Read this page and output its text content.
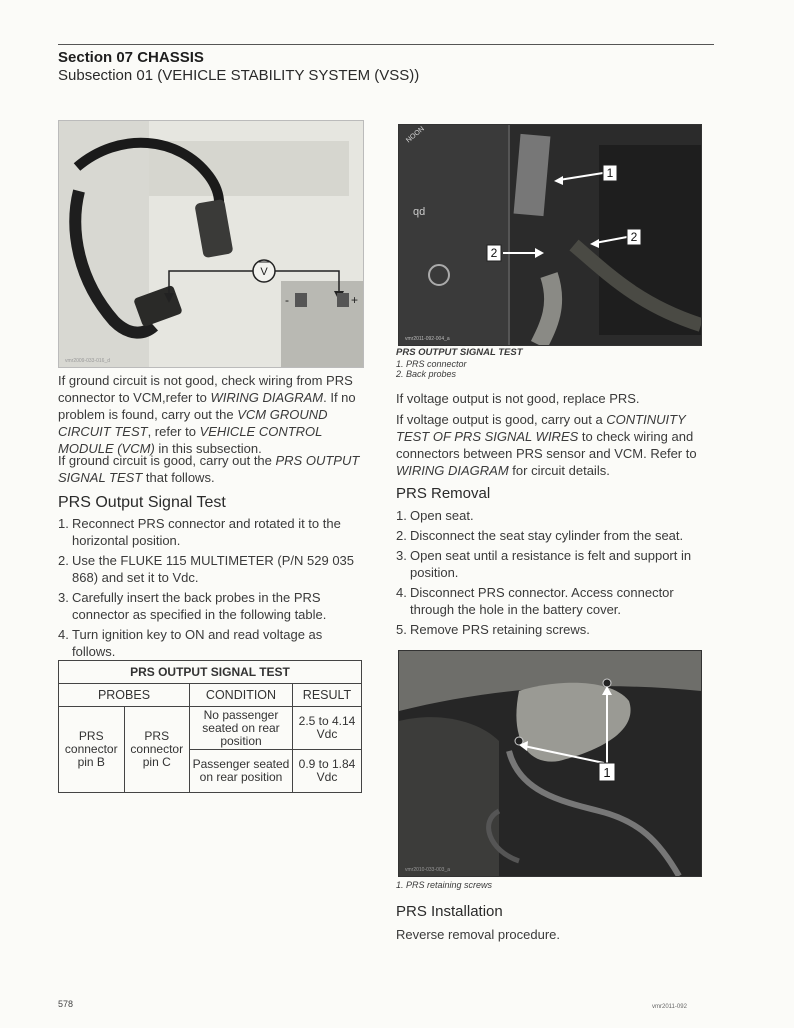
Section 07 CHASSIS
Subsection 01 (VEHICLE STABILITY SYSTEM (VSS))
V
-	+
vmr2009-033-016_d
If ground circuit is not good, check wiring from PRS connector to VCM,refer to WIRING DIAGRAM. If no problem is found, carry out the VCM GROUND CIRCUIT TEST, refer to VEHICLE CONTROL MODULE (VCM) in this subsection.
If ground circuit is good, carry out the PRS OUTPUT SIGNAL TEST that follows.
PRS Output Signal Test
1. Reconnect PRS connector and rotated it to the horizontal position.
2. Use the FLUKE 115 MULTIMETER (P/N 529 035 868) and set it to Vdc.
3. Carefully insert the back probes in the PRS connector as specified in the following table.
4. Turn ignition key to ON and read voltage as follows.
PRS OUTPUT SIGNAL TEST			
PROBES		CONDITION	RESULT
PRS connector pin B	PRS connector pin C	No passenger seated on rear position	2.5 to 4.14 Vdc
		Passenger seated on rear position	0.9 to 1.84 Vdc
qd
NOON
1
2
2
vmr2011-092-004_a
PRS OUTPUT SIGNAL TEST
1. PRS connector
2. Back probes
If voltage output is not good, replace PRS.
If voltage output is good, carry out a CONTINUITY TEST OF PRS SIGNAL WIRES to check wiring and connectors between PRS sensor and VCM. Refer to WIRING DIAGRAM for circuit details.
PRS Removal
1. Open seat.
2. Disconnect the seat stay cylinder from the seat.
3. Open seat until a resistance is felt and support in position.
4. Disconnect PRS connector. Access connector through the hole in the battery cover.
5. Remove PRS retaining screws.
1
vmr2010-033-003_a
1. PRS retaining screws
PRS Installation
Reverse removal procedure.
578	vmr2011-092
